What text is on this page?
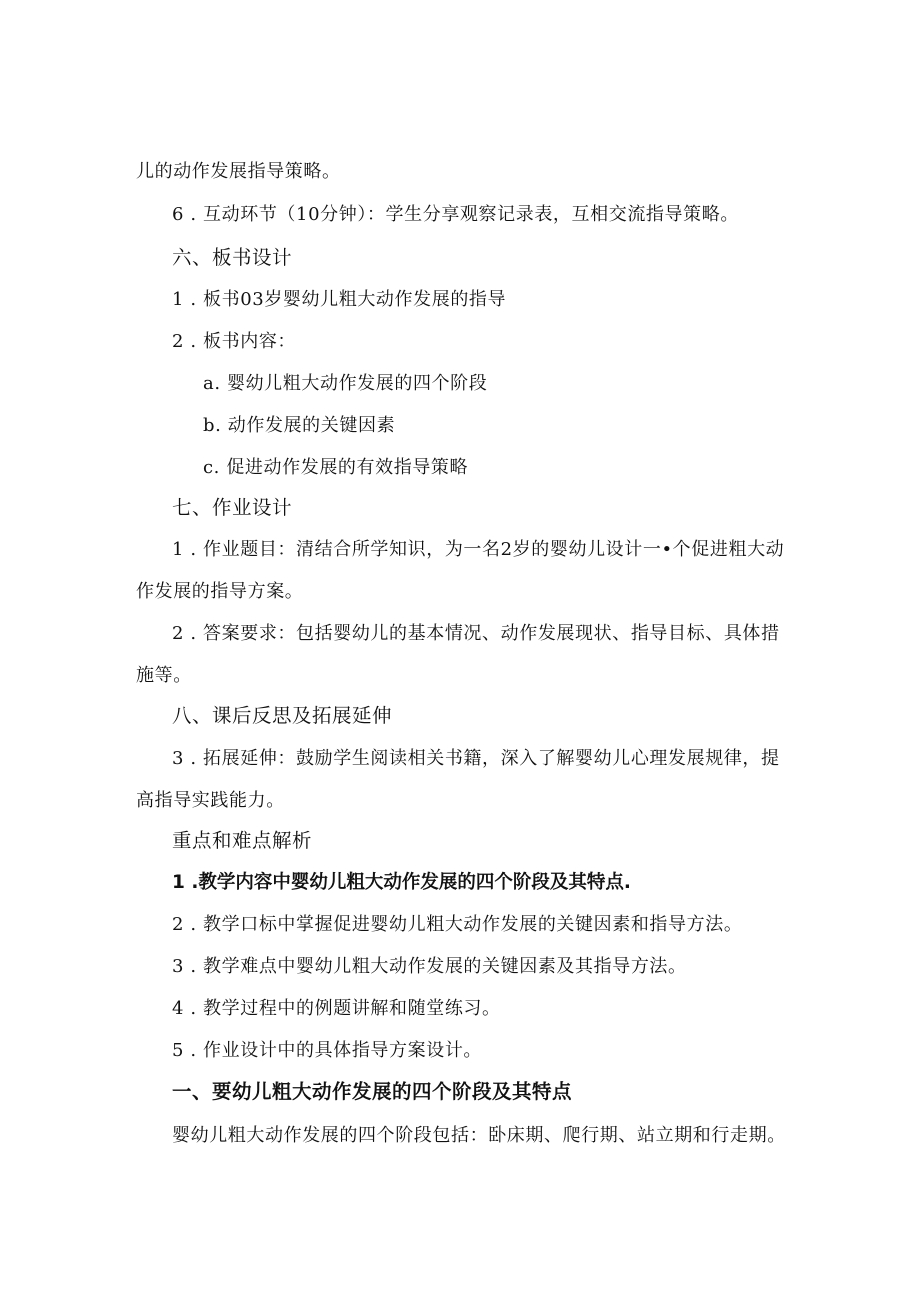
儿的动作发展指导策略。
6 . 互动环节（10分钟）：学生分享观察记录表，互相交流指导策略。
六、板书设计
1 . 板书03岁婴幼儿粗大动作发展的指导
2 . 板书内容：
a. 婴幼儿粗大动作发展的四个阶段
b. 动作发展的关键因素
c. 促进动作发展的有效指导策略
七、作业设计
1 . 作业题目：清结合所学知识，为一名2岁的婴幼儿设计一•个促进粗大动
作发展的指导方案。
2 . 答案要求：包括婴幼儿的基本情况、动作发展现状、指导目标、具体措
施等。
八、课后反思及拓展延伸
3 . 拓展延伸：鼓励学生阅读相关书籍，深入了解婴幼儿心理发展规律，提
高指导实践能力。
重点和难点解析
1 .教学内容中婴幼儿粗大动作发展的四个阶段及其特点.
2 . 教学口标中掌握促进婴幼儿粗大动作发展的关键因素和指导方法。
3 . 教学难点中婴幼儿粗大动作发展的关键因素及其指导方法。
4 . 教学过程中的例题讲解和随堂练习。
5 . 作业设计中的具体指导方案设计。
一、要幼儿粗大动作发展的四个阶段及其特点
婴幼儿粗大动作发展的四个阶段包括：卧床期、爬行期、站立期和行走期。
